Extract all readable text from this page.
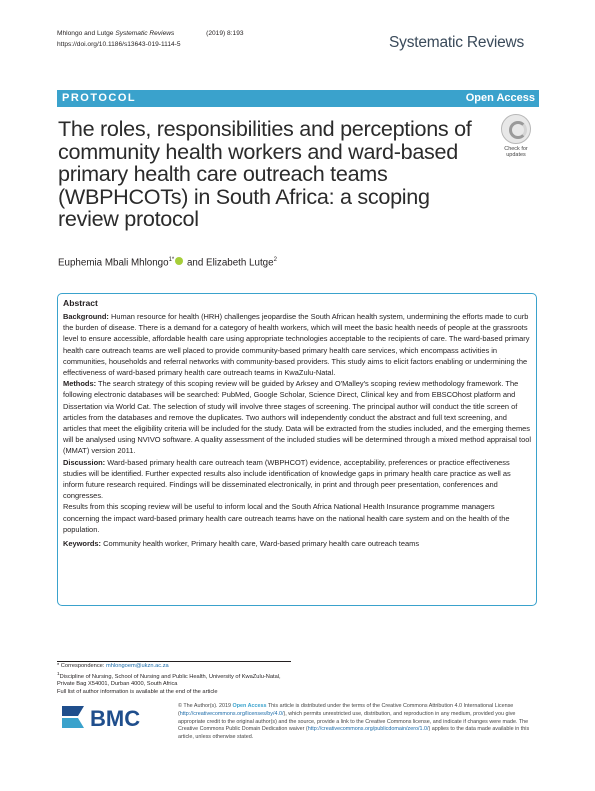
Mhlongo and Lutge Systematic Reviews	(2019) 8:193
https://doi.org/10.1186/s13643-019-1114-5	Systematic Reviews
PROTOCOL	Open Access
The roles, responsibilities and perceptions of community health workers and ward-based primary health care outreach teams (WBPHCOTs) in South Africa: a scoping review protocol
Check for updates
Euphemia Mbali Mhlongo$^{1*}$ and Elizabeth Lutge$^2$
Abstract

Background: Human resource for health (HRH) challenges jeopardise the South African health system, undermining the efforts made to curb the burden of disease. There is a demand for a category of health workers, which will meet the basic health needs of people at the grassroots level to ensure accessible, affordable health care using appropriate technologies acceptable to the recipients of care. The ward-based primary health care outreach teams are well placed to provide community-based primary health care services, which encompass activities in communities, households and referral networks with community-based providers. This study aims to elicit factors enabling or undermining the effectiveness of ward-based primary health care outreach teams in KwaZulu-Natal.

Methods: The search strategy of this scoping review will be guided by Arksey and O'Malley's scoping review methodology framework. The following electronic databases will be searched: PubMed, Google Scholar, Science Direct, Clinical key and from EBSCOhost platform and Dissertation via World Cat. The selection of study will involve three stages of screening. The principal author will conduct the title screen of articles from the databases and remove the duplicates. Two authors will independently conduct the abstract and full text screening, and articles that meet the eligibility criteria will be included for the study. Data will be extracted from the studies included, and the emerging themes will be analysed using NVIVO software. A quality assessment of the included studies will be determined through a mixed method appraisal tool (MMAT) version 2011.

Discussion: Ward-based primary health care outreach team (WBPHCOT) evidence, acceptability, preferences or practice effectiveness studies will be identified. Further expected results also include identification of knowledge gaps in primary health care practice as well as inform future research required. Findings will be disseminated electronically, in print and through peer presentation, conferences and congresses.

Results from this scoping review will be useful to inform local and the South Africa National Health Insurance programme managers concerning the impact ward-based primary health care outreach teams have on the national health care system and on the health of the population.

Keywords: Community health worker, Primary health care, Ward-based primary health care outreach teams

* Correspondence: mhlongoem@ukzn.ac.za
$^1$Discipline of Nursing, School of Nursing and Public Health, University of KwaZulu-Natal, Private Bag X54001, Durban 4000, South Africa
Full list of author information is available at the end of the article
BMC	© The Author(s). 2019 Open Access This article is distributed under the terms of the Creative Commons Attribution 4.0 International License (http://creativecommons.org/licenses/by/4.0/), which permits unrestricted use, distribution, and reproduction in any medium, provided you give appropriate credit to the original author(s) and the source, provide a link to the Creative Commons license, and indicate if changes were made. The Creative Commons Public Domain Dedication waiver (http://creativecommons.org/publicdomain/zero/1.0/) applies to the data made available in this article, unless otherwise stated.
